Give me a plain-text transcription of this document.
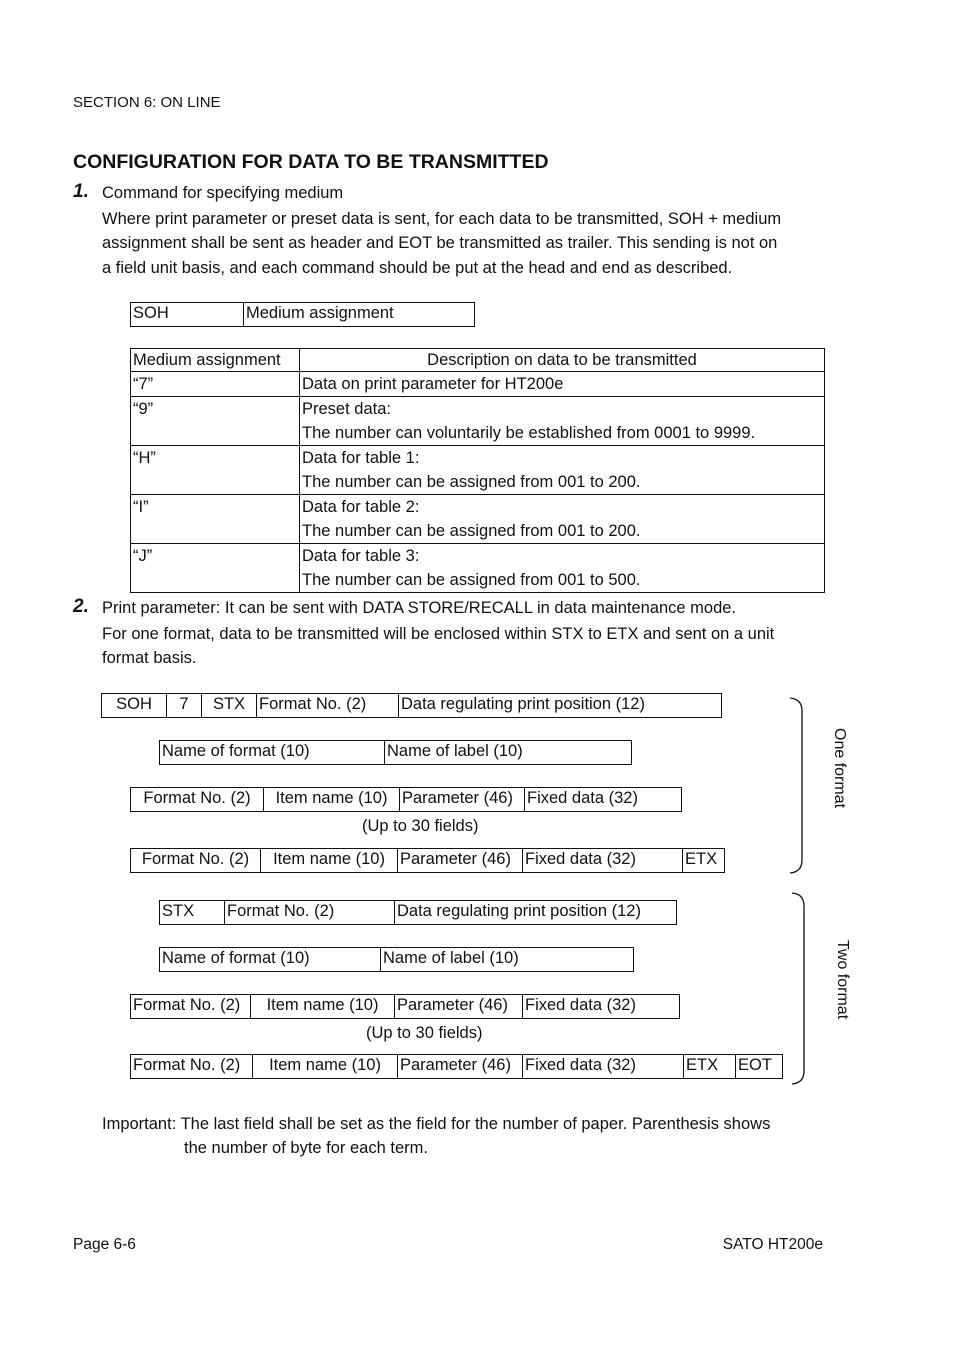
SECTION 6: ON LINE
CONFIGURATION FOR DATA TO BE TRANSMITTED
1. Command for specifying medium
Where print parameter or preset data is sent, for each data to be transmitted, SOH + medium
assignment shall be sent as header and EOT be transmitted as trailer. This sending is not on
a field unit basis, and each command should be put at the head and end as described.
SOH	Medium assignment
Medium assignment	Description on data to be transmitted
“7”	Data on print parameter for HT200e

“9”	Preset data:
The number can voluntarily be established from 0001 to 9999.

“H”	Data for table 1:
The number can be assigned from 001 to 200.

“I”	Data for table 2:
The number can be assigned from 001 to 200.

“J”	Data for table 3:
The number can be assigned from 001 to 500.
2. Print parameter: It can be sent with DATA STORE/RECALL in data maintenance mode.
For one format, data to be transmitted will be enclosed within STX to ETX and sent on a unit
format basis.
SOH	7	STX Format No. (2)	Data regulating print position (12)
Name of format (10)	Name of label (10)
Format No. (2)	Item name (10) Parameter (46) Fixed data (32)
(Up to 30 fields)
Format No. (2)	Item name (10) Parameter (46) Fixed data (32)	ETX
One format
STX	Format No. (2)	Data regulating print position (12)
Name of format (10)	Name of label (10)
Format No. (2)	Item name (10)	Parameter (46)	Fixed data (32)
(Up to 30 fields)
Format No. (2)	Item name (10)	Parameter (46) Fixed data (32)	ETX	EOT
Two format
Important: The last field shall be set as the field for the number of paper. Parenthesis shows
the number of byte for each term.
Page 6-6	SATO HT200e
